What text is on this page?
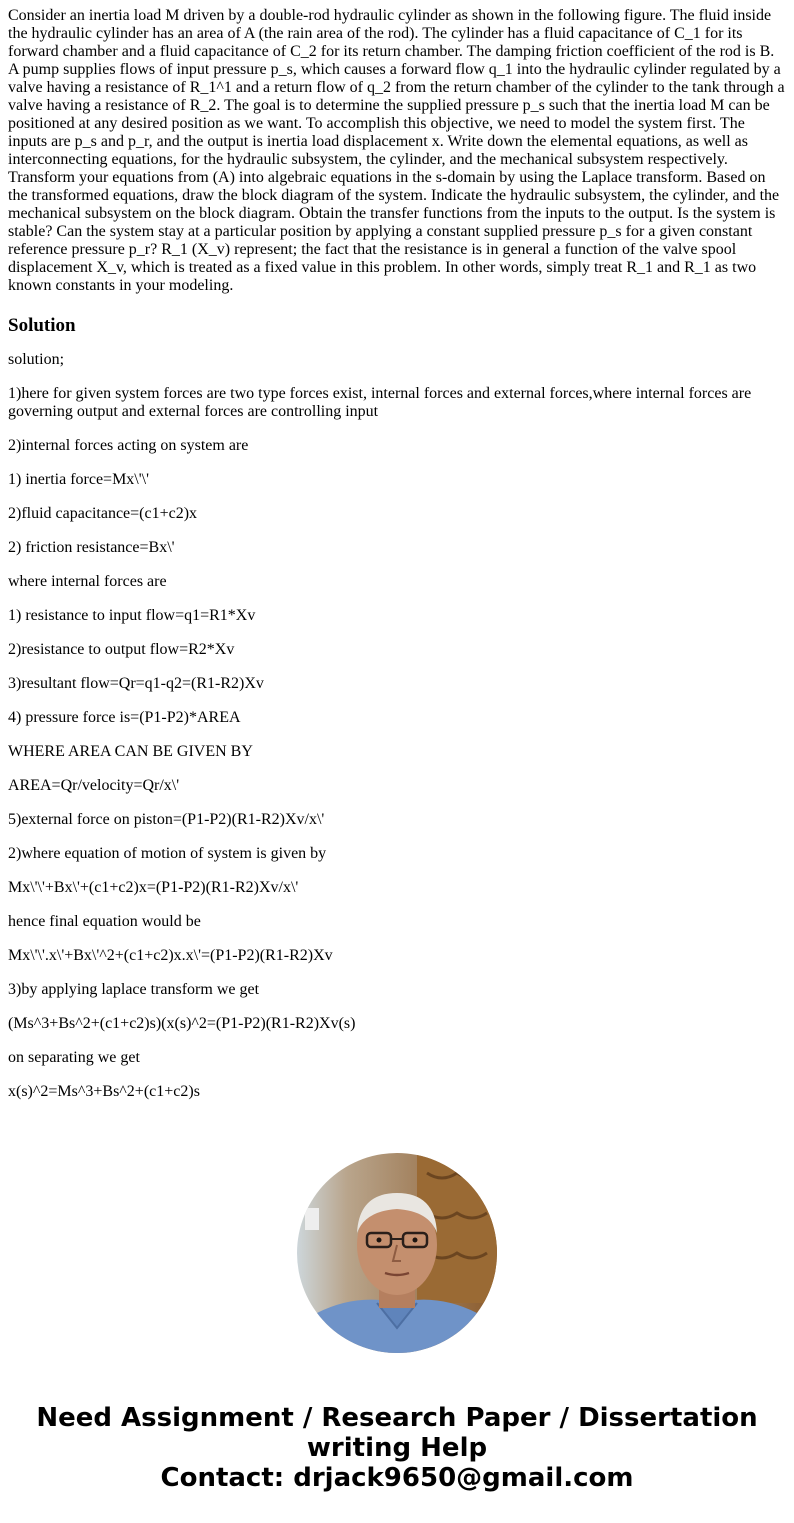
Consider an inertia load M driven by a double-rod hydraulic cylinder as shown in the following figure. The fluid inside the hydraulic cylinder has an area of A (the rain area of the rod). The cylinder has a fluid capacitance of C_1 for its forward chamber and a fluid capacitance of C_2 for its return chamber. The damping friction coefficient of the rod is B. A pump supplies flows of input pressure p_s, which causes a forward flow q_1 into the hydraulic cylinder regulated by a valve having a resistance of R_1^1 and a return flow of q_2 from the return chamber of the cylinder to the tank through a valve having a resistance of R_2. The goal is to determine the supplied pressure p_s such that the inertia load M can be positioned at any desired position as we want. To accomplish this objective, we need to model the system first. The inputs are p_s and p_r, and the output is inertia load displacement x. Write down the elemental equations, as well as interconnecting equations, for the hydraulic subsystem, the cylinder, and the mechanical subsystem respectively. Transform your equations from (A) into algebraic equations in the s-domain by using the Laplace transform. Based on the transformed equations, draw the block diagram of the system. Indicate the hydraulic subsystem, the cylinder, and the mechanical subsystem on the block diagram. Obtain the transfer functions from the inputs to the output. Is the system is stable? Can the system stay at a particular position by applying a constant supplied pressure p_s for a given constant reference pressure p_r? R_1 (X_v) represent; the fact that the resistance is in general a function of the valve spool displacement X_v, which is treated as a fixed value in this problem. In other words, simply treat R_1 and R_1 as two known constants in your modeling.

Solution

solution;

1)here for given system forces are two type forces exist, internal forces and external forces,where internal forces are governing output and external forces are controlling input

2)internal forces acting on system are

1) inertia force=Mx\'\'

2)fluid capacitance=(c1+c2)x

2) friction resistance=Bx\'

where internal forces are

1) resistance to input flow=q1=R1*Xv

2)resistance to output flow=R2*Xv

3)resultant flow=Qr=q1-q2=(R1-R2)Xv

4) pressure force is=(P1-P2)*AREA

WHERE AREA CAN BE GIVEN BY

AREA=Qr/velocity=Qr/x\'

5)external force on piston=(P1-P2)(R1-R2)Xv/x\'

2)where equation of motion of system is given by

Mx\'\'+Bx\'+(c1+c2)x=(P1-P2)(R1-R2)Xv/x\'

hence final equation would be

Mx\'\'.x\'+Bx\'^2+(c1+c2)x.x\'=(P1-P2)(R1-R2)Xv

3)by applying laplace transform we get

(Ms^3+Bs^2+(c1+c2)s)(x(s)^2=(P1-P2)(R1-R2)Xv(s)

on separating we get

x(s)^2=Ms^3+Bs^2+(c1+c2)s

Need Assignment / Research Paper / Dissertation
writing Help
Contact: drjack9650@gmail.com
